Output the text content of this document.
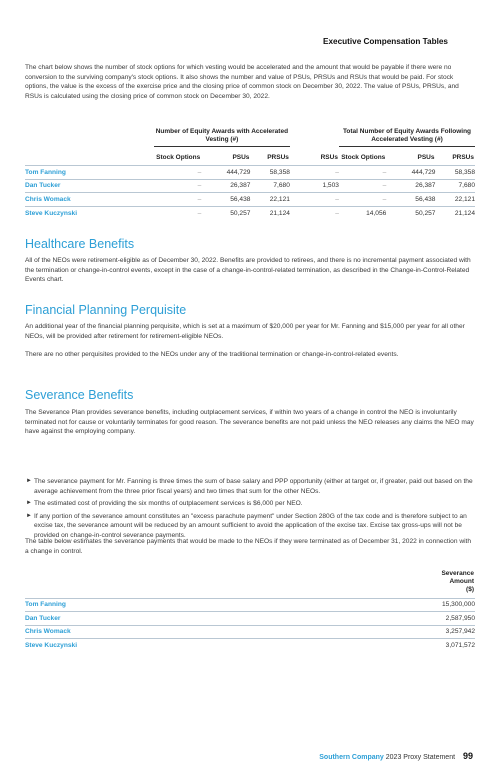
Executive Compensation Tables
The chart below shows the number of stock options for which vesting would be accelerated and the amount that would be payable if there were no conversion to the surviving company's stock options. It also shows the number and value of PSUs, PRSUs and RSUs that would be paid. For stock options, the value is the excess of the exercise price and the closing price of common stock on December 30, 2022. The value of PSUs, PRSUs, and RSUs is calculated using the closing price of common stock on December 30, 2022.
	Number of Equity Awards with Accelerated Vesting (#)				Total Number of Equity Awards Following Accelerated Vesting (#)		

	Stock Options	PSUs	PRSUs	RSUs	Stock Options	PSUs	PRSUs

Tom Fanning	–	444,729	58,358	–	–	444,729	58,358
Dan Tucker	–	26,387	7,680	1,503	–	26,387	7,680
Chris Womack	–	56,438	22,121	–	–	56,438	22,121
Steve Kuczynski	–	50,257	21,124	–	14,056	50,257	21,124
Healthcare Benefits
All of the NEOs were retirement-eligible as of December 30, 2022. Benefits are provided to retirees, and there is no incremental payment associated with the termination or change-in-control events, except in the case of a change-in-control-related termination, as described in the Change-in-Control-Related Events chart.
Financial Planning Perquisite
An additional year of the financial planning perquisite, which is set at a maximum of $20,000 per year for Mr. Fanning and $15,000 per year for all other NEOs, will be provided after retirement for retirement-eligible NEOs.
There are no other perquisites provided to the NEOs under any of the traditional termination or change-in-control-related events.
Severance Benefits
The Severance Plan provides severance benefits, including outplacement services, if within two years of a change in control the NEO is involuntarily terminated not for cause or voluntarily terminates for good reason. The severance benefits are not paid unless the NEO releases any claims the NEO may have against the employing company.
► The severance payment for Mr. Fanning is three times the sum of base salary and PPP opportunity (either at target or, if greater, paid out based on the average achievement from the three prior fiscal years) and two times that sum for the other NEOs.
► The estimated cost of providing the six months of outplacement services is $6,000 per NEO.
► If any portion of the severance amount constitutes an "excess parachute payment" under Section 280G of the tax code and is therefore subject to an excise tax, the severance amount will be reduced by an amount sufficient to avoid the application of the excise tax. Excise tax gross-ups will not be provided on change-in-control severance payments.
The table below estimates the severance payments that would be made to the NEOs if they were terminated as of December 31, 2022 in connection with a change in control.

	Severance
Amount
($)

Tom Fanning	15,300,000
Dan Tucker	2,587,950
Chris Womack	3,257,942
Steve Kuczynski	3,071,572
Southern Company 2023 Proxy Statement 99
